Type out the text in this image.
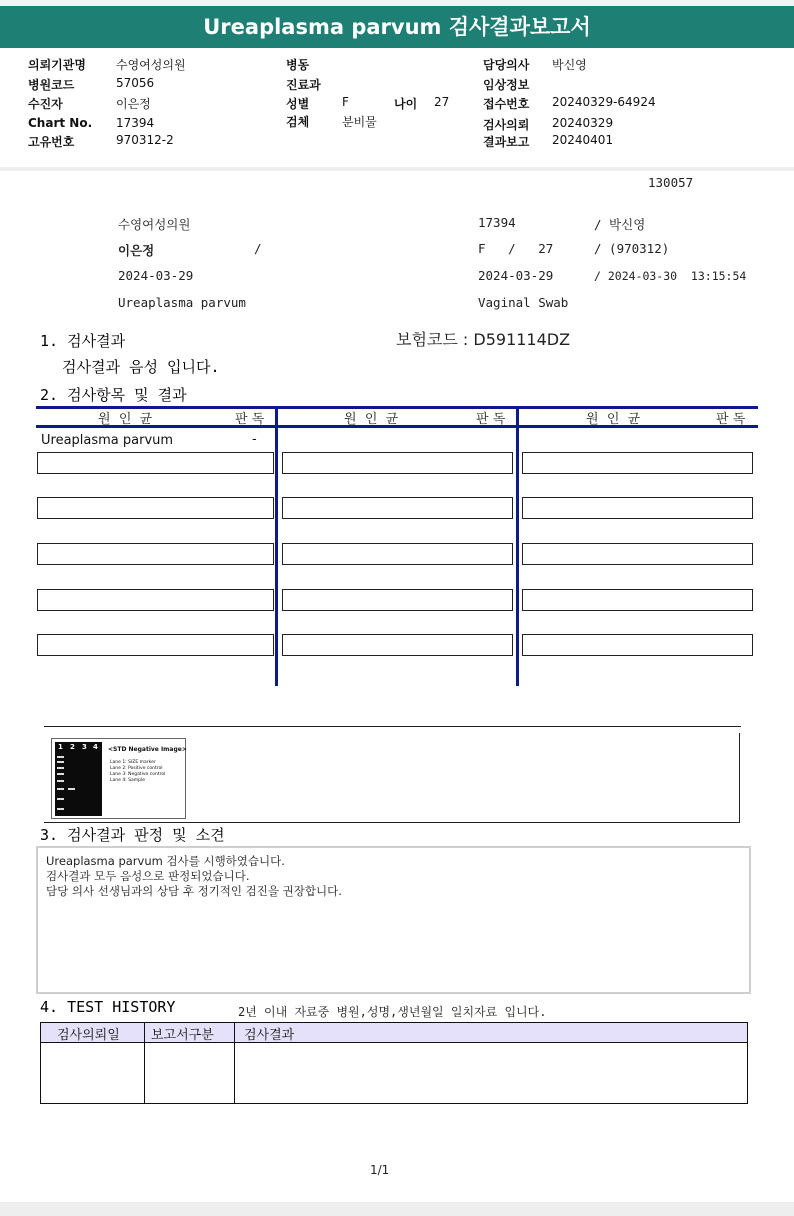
Ureaplasma parvum 검사결과보고서
의뢰기관명	수영여성의원
병원코드	57056
수진자	이은정
Chart No. 17394
고유번호	970312-2
병동
진료과
성별	F	나이 27
검체	분비물
담당의사 박신영
임상정보
접수번호 20240329-64924
검사의뢰 20240329
결과보고 20240401
130057
수영여성의원	17394	/ 박신영
이은정	/	F   /   27	/ (970312)
2024-03-29	2024-03-29	/ 2024-03-30  13:15:54
Ureaplasma parvum	Vaginal Swab
1. 검사결과	보험코드 : D591114DZ
검사결과 음성 입니다.
2. 검사항목 및 결과
원  인  균	판 독	원  인  균	판 독	원  인  균	판 독
Ureaplasma parvum	-
1 2 3 4 <STD Negative Image>
Lane 1: SIZE marker
Lane 2: Positive control
Lane 3: Negative control
Lane 4: Sample
3. 검사결과 판정 및 소견
Ureaplasma parvum 검사를 시행하였습니다.
검사결과 모두 음성으로 판정되었습니다.
담당 의사 선생님과의 상담 후 정기적인 검진을 권장합니다.
4. TEST HISTORY	2년 이내 자료중 병원,성명,생년월일 일치자료 입니다.
검사의뢰일 보고서구분 검사결과
1/1
